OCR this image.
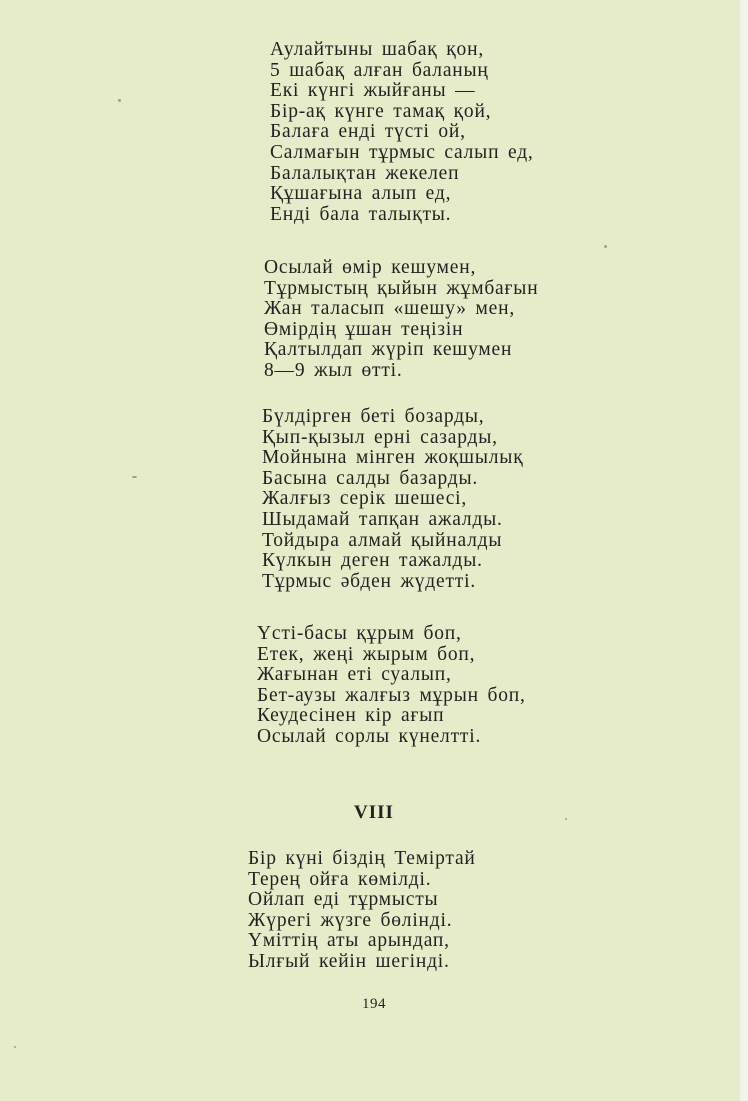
Аулайтыны шабақ қон,
5 шабақ алған баланың
Екі күнгі жыйғаны —
Бір-ақ күнге тамақ қой,
Балаға енді түсті ой,
Салмағын тұрмыс салып ед,
Балалықтан жекелеп
Құшағына алып ед,
Енді бала талықты.
Осылай өмір кешумен,
Тұрмыстың қыйын жұмбағын
Жан таласып «шешу» мен,
Өмірдің ұшан теңізін
Қалтылдап жүріп кешумен
8—9 жыл өтті.
Бүлдірген беті бозарды,
Қып-қызыл ерні сазарды,
Мойнына мінген жоқшылық
Басына салды базарды.
Жалғыз серік шешесі,
Шыдамай тапқан ажалды.
Тойдыра алмай қыйналды
Күлкын деген тажалды.
Тұрмыс әбден жүдетті.
Үсті-басы құрым боп,
Етек, жеңі жырым боп,
Жағынан еті суалып,
Бет-аузы жалғыз мұрын боп,
Кеудесінен кір ағып
Осылай сорлы күнелтті.
VIII
Бір күні біздің Теміртай
Терең ойға көмілді.
Ойлап еді тұрмысты
Жүрегі жүзге бөлінді.
Үміттің аты арындап,
Ылғый кейін шегінді.
194
